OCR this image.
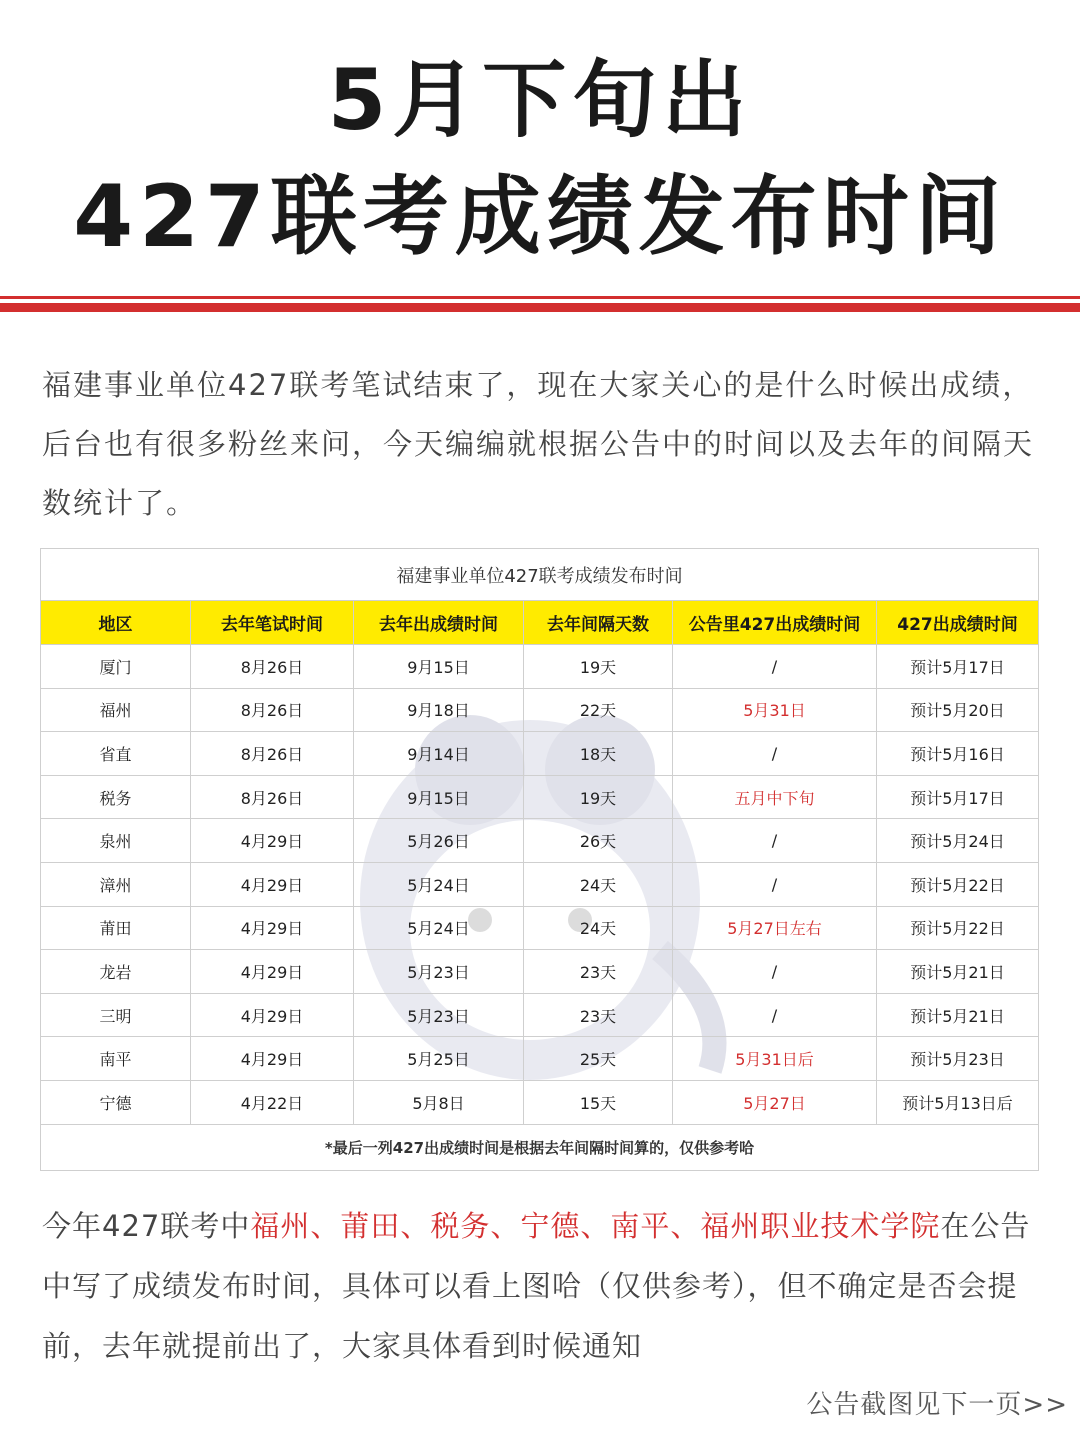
5月下旬出
427联考成绩发布时间

福建事业单位427联考笔试结束了，现在大家关心的是什么时候出成绩，后台也有很多粉丝来问，今天编编就根据公告中的时间以及去年的间隔天数统计了。

福建事业单位427联考成绩发布时间					
地区	去年笔试时间	去年出成绩时间	去年间隔天数	公告里427出成绩时间	427出成绩时间
厦门	8月26日	9月15日	19天	/	预计5月17日
福州	8月26日	9月18日	22天	5月31日	预计5月20日
省直	8月26日	9月14日	18天	/	预计5月16日
税务	8月26日	9月15日	19天	五月中下旬	预计5月17日
泉州	4月29日	5月26日	26天	/	预计5月24日
漳州	4月29日	5月24日	24天	/	预计5月22日
莆田	4月29日	5月24日	24天	5月27日左右	预计5月22日
龙岩	4月29日	5月23日	23天	/	预计5月21日
三明	4月29日	5月23日	23天	/	预计5月21日
南平	4月29日	5月25日	25天	5月31日后	预计5月23日
宁德	4月22日	5月8日	15天	5月27日	预计5月13日后
*最后一列427出成绩时间是根据去年间隔时间算的，仅供参考哈					

今年427联考中福州、莆田、税务、宁德、南平、福州职业技术学院在公告中写了成绩发布时间，具体可以看上图哈（仅供参考），但不确定是否会提前，去年就提前出了，大家具体看到时候通知

公告截图见下一页>>
